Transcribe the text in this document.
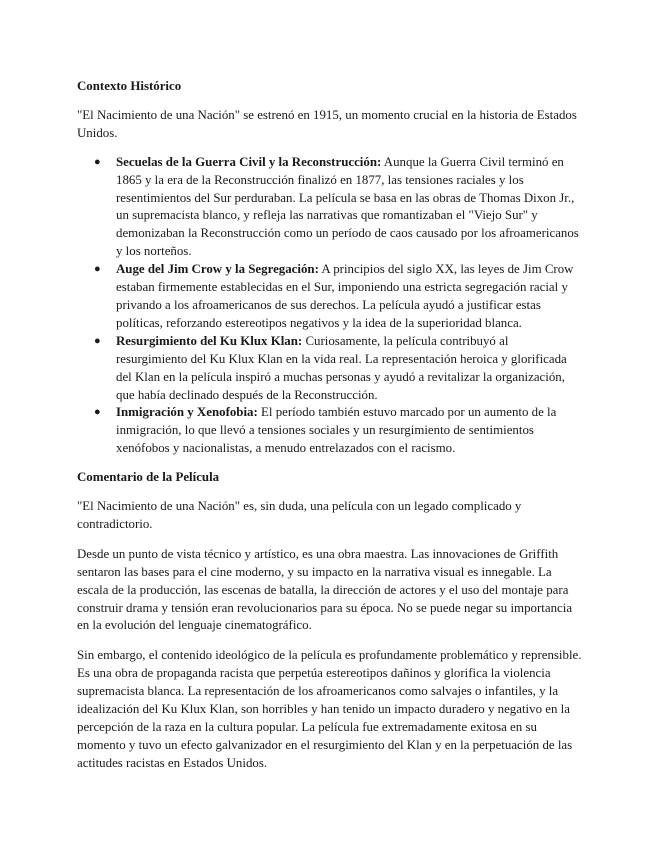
Contexto Histórico

"El Nacimiento de una Nación" se estrenó en 1915, un momento crucial en la historia de Estados Unidos.

● Secuelas de la Guerra Civil y la Reconstrucción: Aunque la Guerra Civil terminó en 1865 y la era de la Reconstrucción finalizó en 1877, las tensiones raciales y los resentimientos del Sur perduraban. La película se basa en las obras de Thomas Dixon Jr., un supremacista blanco, y refleja las narrativas que romantizaban el "Viejo Sur" y demonizaban la Reconstrucción como un período de caos causado por los afroamericanos y los norteños.
● Auge del Jim Crow y la Segregación: A principios del siglo XX, las leyes de Jim Crow estaban firmemente establecidas en el Sur, imponiendo una estricta segregación racial y privando a los afroamericanos de sus derechos. La película ayudó a justificar estas políticas, reforzando estereotipos negativos y la idea de la superioridad blanca.
● Resurgimiento del Ku Klux Klan: Curiosamente, la película contribuyó al resurgimiento del Ku Klux Klan en la vida real. La representación heroica y glorificada del Klan en la película inspiró a muchas personas y ayudó a revitalizar la organización, que había declinado después de la Reconstrucción.
● Inmigración y Xenofobia: El período también estuvo marcado por un aumento de la inmigración, lo que llevó a tensiones sociales y un resurgimiento de sentimientos xenófobos y nacionalistas, a menudo entrelazados con el racismo.
Comentario de la Película

"El Nacimiento de una Nación" es, sin duda, una película con un legado complicado y contradictorio.

Desde un punto de vista técnico y artístico, es una obra maestra. Las innovaciones de Griffith sentaron las bases para el cine moderno, y su impacto en la narrativa visual es innegable. La escala de la producción, las escenas de batalla, la dirección de actores y el uso del montaje para construir drama y tensión eran revolucionarios para su época. No se puede negar su importancia en la evolución del lenguaje cinematográfico.

Sin embargo, el contenido ideológico de la película es profundamente problemático y reprensible. Es una obra de propaganda racista que perpetúa estereotipos dañinos y glorifica la violencia supremacista blanca. La representación de los afroamericanos como salvajes o infantiles, y la idealización del Ku Klux Klan, son horribles y han tenido un impacto duradero y negativo en la percepción de la raza en la cultura popular. La película fue extremadamente exitosa en su momento y tuvo un efecto galvanizador en el resurgimiento del Klan y en la perpetuación de las actitudes racistas en Estados Unidos.
